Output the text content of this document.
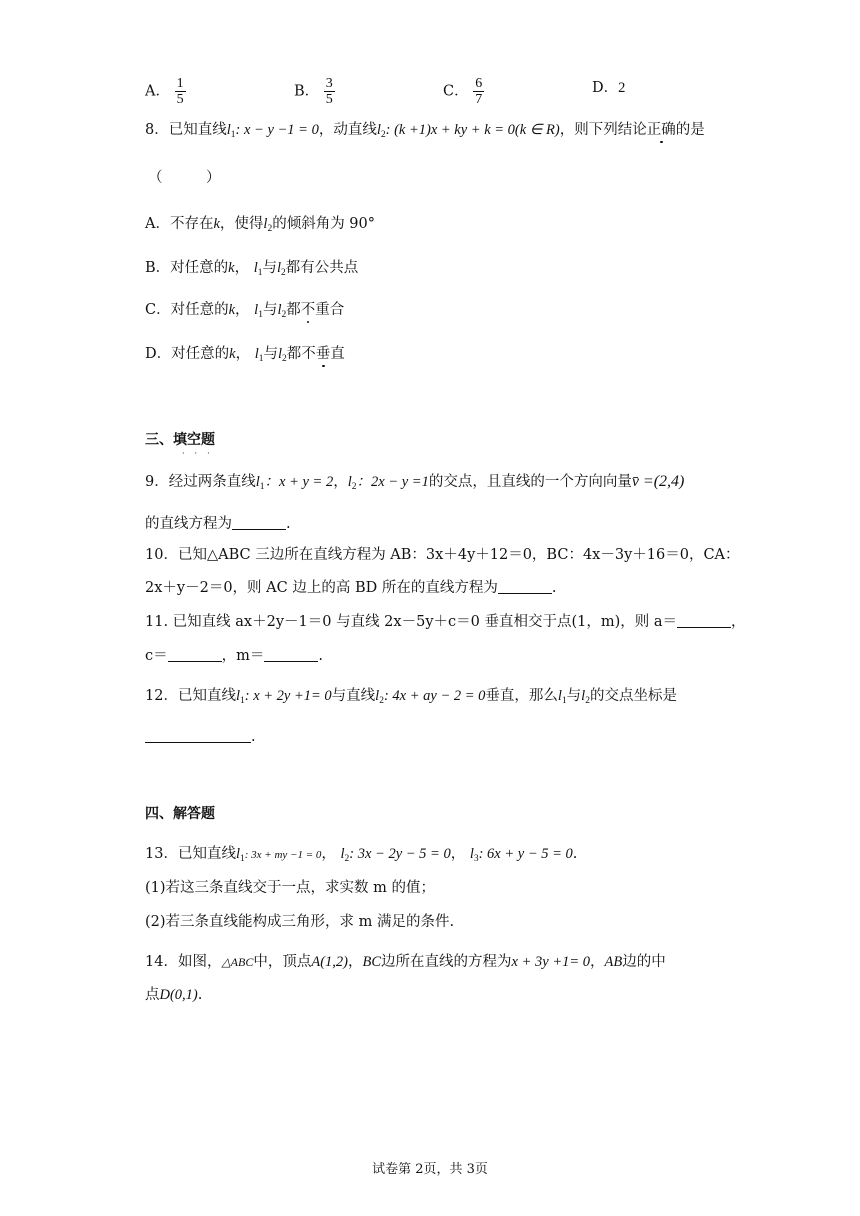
A． $\frac{1}{5}$	B． $\frac{3}{5}$	C． $\frac{6}{7}$	D．2
8．已知直线$l_1$: x − y −1 = 0，动直线$l_2$: (k +1)x + ky + k = 0(k ∈ R)，则下列结论正确的是
（　　　）
A．不存在k，使得$l_2$的倾斜角为 90°
B．对任意的k， $l_1$与$l_2$都有公共点
C．对任意的k， $l_1$与$l_2$都不重合
D．对任意的k， $l_1$与$l_2$都不垂直
三、填空题
···
9．经过两条直线$l_1$：x + y = 2，$l_2$：2x − y =1的交点，且直线的一个方向向量v̄ =(2,4)
的直线方程为	.
10．已知△ABC 三边所在直线方程为 AB：3x＋4y＋12＝0，BC：4x－3y＋16＝0，CA：
2x＋y－2＝0，则 AC 边上的高 BD 所在的直线方程为	.
11. 已知直线 ax＋2y－1＝0 与直线 2x－5y＋c＝0 垂直相交于点(1，m)，则 a＝	，
c＝	，m＝	.
12．已知直线$l_1$: x + 2y +1= 0与直线$l_2$: 4x + ay − 2 = 0垂直，那么$l_1$与$l_2$的交点坐标是
.
四、解答题
13．已知直线$l_1$: 3x + my −1 = 0， $l_2$: 3x − 2y − 5 = 0， $l_3$: 6x + y − 5 = 0.
(1)若这三条直线交于一点，求实数 m 的值；
(2)若三条直线能构成三角形，求 m 满足的条件.
14．如图，△ABC中，顶点A(1,2)，BC边所在直线的方程为x + 3y +1= 0，AB边的中
点D(0,1).
试卷第 2页，共 3页
